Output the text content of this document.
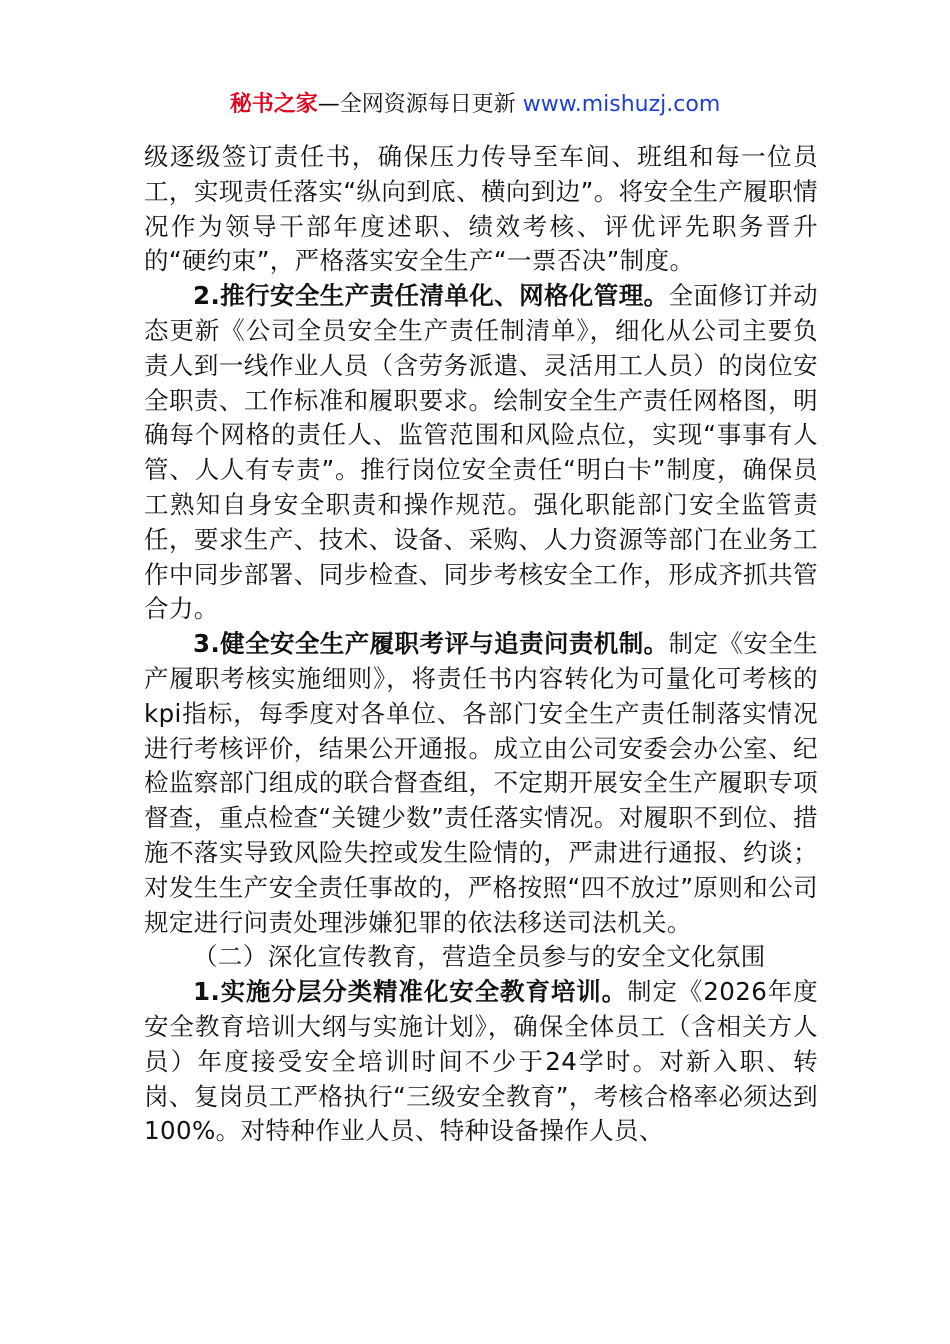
秘书之家—全网资源每日更新 www.mishuzj.com

级逐级签订责任书，确保压力传导至车间、班组和每一位员工，实现责任落实“纵向到底、横向到边”。将安全生产履职情况作为领导干部年度述职、绩效考核、评优评先职务晋升的“硬约束”，严格落实安全生产“一票否决”制度。

2.推行安全生产责任清单化、网格化管理。全面修订并动态更新《公司全员安全生产责任制清单》，细化从公司主要负责人到一线作业人员（含劳务派遣、灵活用工人员）的岗位安全职责、工作标准和履职要求。绘制安全生产责任网格图，明确每个网格的责任人、监管范围和风险点位，实现“事事有人管、人人有专责”。推行岗位安全责任“明白卡”制度，确保员工熟知自身安全职责和操作规范。强化职能部门安全监管责任，要求生产、技术、设备、采购、人力资源等部门在业务工作中同步部署、同步检查、同步考核安全工作，形成齐抓共管合力。

3.健全安全生产履职考评与追责问责机制。制定《安全生产履职考核实施细则》，将责任书内容转化为可量化可考核的kpi指标，每季度对各单位、各部门安全生产责任制落实情况进行考核评价，结果公开通报。成立由公司安委会办公室、纪检监察部门组成的联合督查组，不定期开展安全生产履职专项督查，重点检查“关键少数”责任落实情况。对履职不到位、措施不落实导致风险失控或发生险情的，严肃进行通报、约谈；对发生生产安全责任事故的，严格按照“四不放过”原则和公司规定进行问责处理涉嫌犯罪的依法移送司法机关。

（二）深化宣传教育，营造全员参与的安全文化氛围

1.实施分层分类精准化安全教育培训。制定《2026年度安全教育培训大纲与实施计划》，确保全体员工（含相关方人员）年度接受安全培训时间不少于24学时。对新入职、转岗、复岗员工严格执行“三级安全教育”，考核合格率必须达到100%。对特种作业人员、特种设备操作人员、
